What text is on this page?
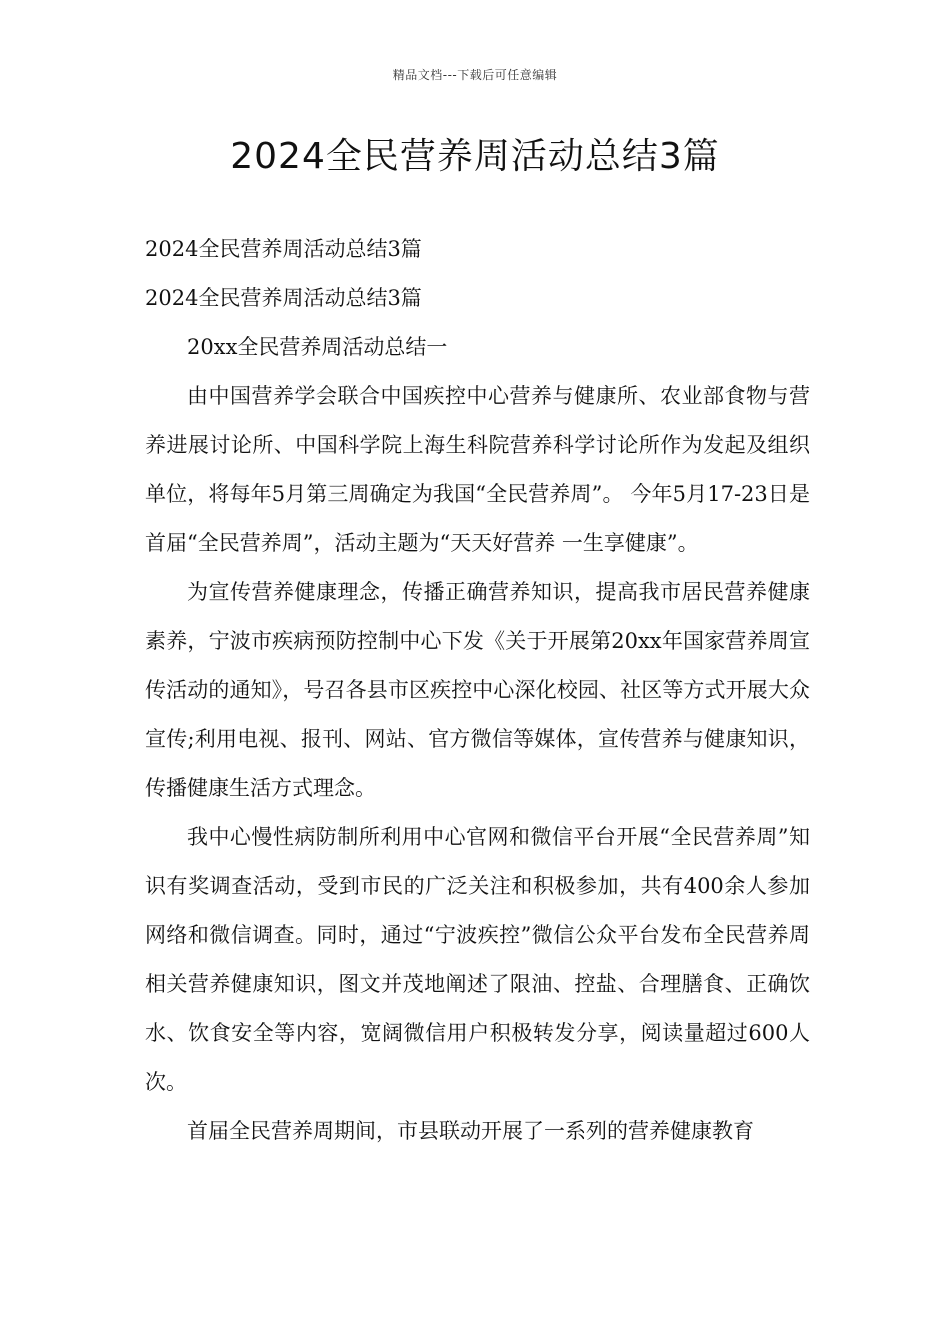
精品文档---下载后可任意编辑
2024全民营养周活动总结3篇

2024全民营养周活动总结3篇

2024全民营养周活动总结3篇

20xx全民营养周活动总结一

由中国营养学会联合中国疾控中心营养与健康所、农业部食物与营养进展讨论所、中国科学院上海生科院营养科学讨论所作为发起及组织单位，将每年5月第三周确定为我国“全民营养周”。 今年5月17-23日是首届“全民营养周”，活动主题为“天天好营养 一生享健康”。

为宣传营养健康理念，传播正确营养知识，提高我市居民营养健康素养，宁波市疾病预防控制中心下发《关于开展第20xx年国家营养周宣传活动的通知》，号召各县市区疾控中心深化校园、社区等方式开展大众宣传;利用电视、报刊、网站、官方微信等媒体，宣传营养与健康知识，传播健康生活方式理念。

我中心慢性病防制所利用中心官网和微信平台开展“全民营养周”知识有奖调查活动，受到市民的广泛关注和积极参加，共有400余人参加网络和微信调查。同时，通过“宁波疾控”微信公众平台发布全民营养周相关营养健康知识，图文并茂地阐述了限油、控盐、合理膳食、正确饮水、饮食安全等内容，宽阔微信用户积极转发分享，阅读量超过600人次。

首届全民营养周期间，市县联动开展了一系列的营养健康教育
